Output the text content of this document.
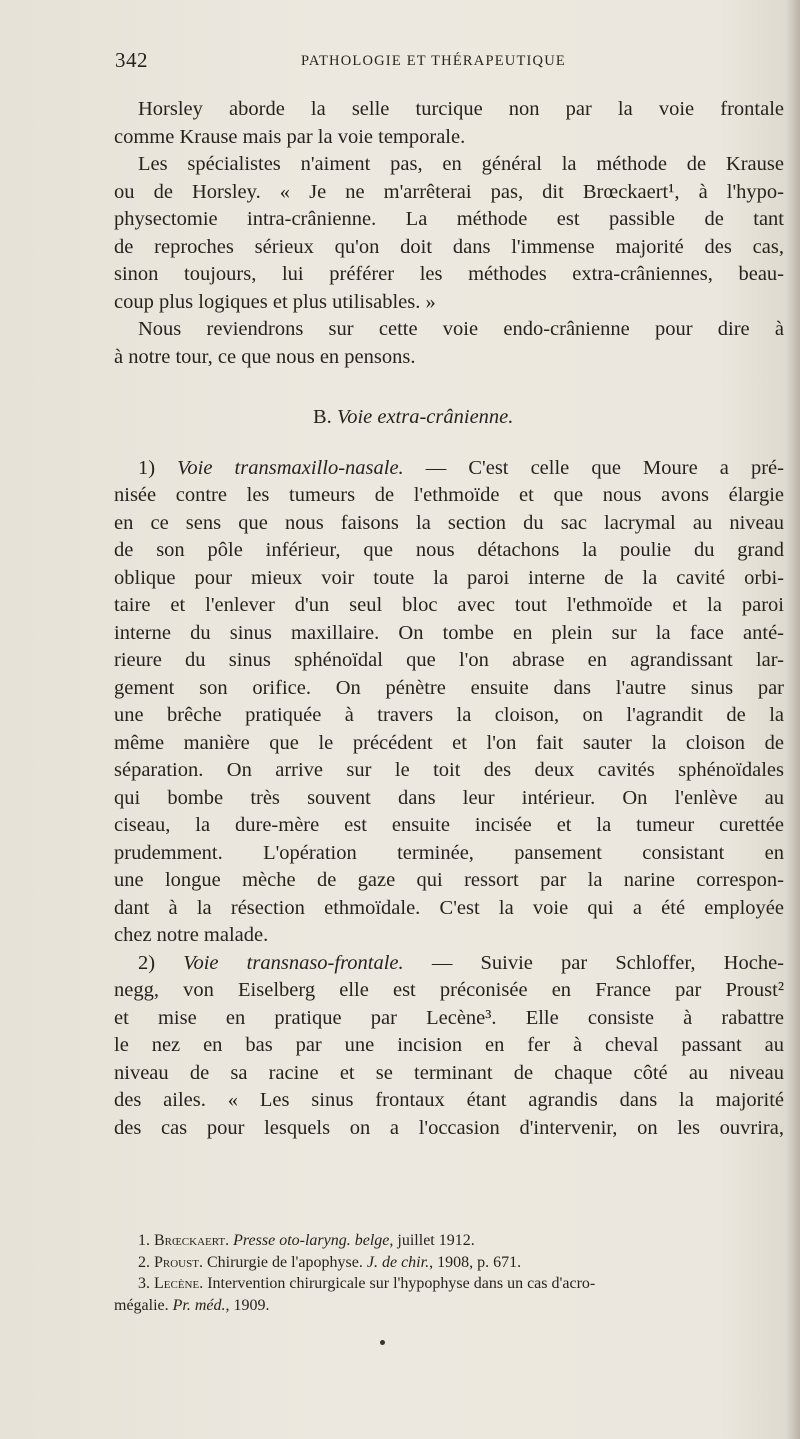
342	PATHOLOGIE ET THÉRAPEUTIQUE
Horsley aborde la selle turcique non par la voie frontale
comme Krause mais par la voie temporale.
Les spécialistes n'aiment pas, en général la méthode de Krause
ou de Horsley. « Je ne m'arrêterai pas, dit Brœckaert¹, à l'hypo-
physectomie intra-crânienne. La méthode est passible de tant
de reproches sérieux qu'on doit dans l'immense majorité des cas,
sinon toujours, lui préférer les méthodes extra-crâniennes, beau-
coup plus logiques et plus utilisables. »
Nous reviendrons sur cette voie endo-crânienne pour dire à
à notre tour, ce que nous en pensons.
B. Voie extra-crânienne.
1) Voie transmaxillo-nasale. — C'est celle que Moure a pré-
nisée contre les tumeurs de l'ethmoïde et que nous avons élargie
en ce sens que nous faisons la section du sac lacrymal au niveau
de son pôle inférieur, que nous détachons la poulie du grand
oblique pour mieux voir toute la paroi interne de la cavité orbi-
taire et l'enlever d'un seul bloc avec tout l'ethmoïde et la paroi
interne du sinus maxillaire. On tombe en plein sur la face anté-
rieure du sinus sphénoïdal que l'on abrase en agrandissant lar-
gement son orifice. On pénètre ensuite dans l'autre sinus par
une brêche pratiquée à travers la cloison, on l'agrandit de la
même manière que le précédent et l'on fait sauter la cloison de
séparation. On arrive sur le toit des deux cavités sphénoïdales
qui bombe très souvent dans leur intérieur. On l'enlève au
ciseau, la dure-mère est ensuite incisée et la tumeur curettée
prudemment. L'opération terminée, pansement consistant en
une longue mèche de gaze qui ressort par la narine correspon-
dant à la résection ethmoïdale. C'est la voie qui a été employée
chez notre malade.
2) Voie transnaso-frontale. — Suivie par Schloffer, Hoche-
negg, von Eiselberg elle est préconisée en France par Proust²
et mise en pratique par Lecène³. Elle consiste à rabattre
le nez en bas par une incision en fer à cheval passant au
niveau de sa racine et se terminant de chaque côté au niveau
des ailes. « Les sinus frontaux étant agrandis dans la majorité
des cas pour lesquels on a l'occasion d'intervenir, on les ouvrira,
1. Brœckaert. Presse oto-laryng. belge, juillet 1912.
2. Proust. Chirurgie de l'apophyse. J. de chir., 1908, p. 671.
3. Lecène. Intervention chirurgicale sur l'hypophyse dans un cas d'acro-
mégalie. Pr. méd., 1909.
